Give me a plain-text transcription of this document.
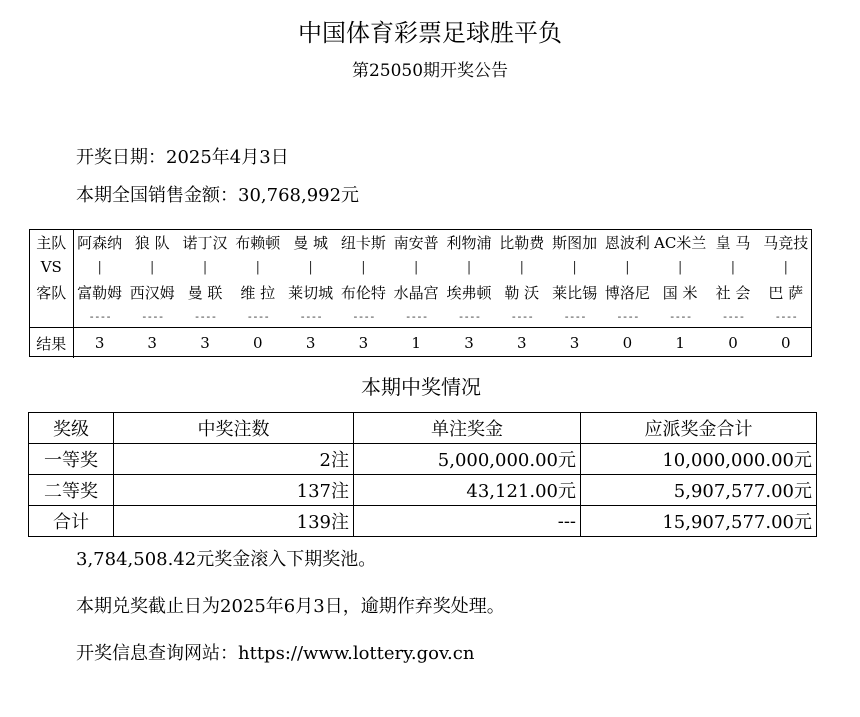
中国体育彩票足球胜平负
第25050期开奖公告
开奖日期：2025年4月3日
本期全国销售金额：30,768,992元
主队	阿森纳	狼 队	诺丁汉	布赖顿	曼 城	纽卡斯	南安普	利物浦	比勒费	斯图加	恩波利	AC米兰	皇 马	马竞技
VS	|	|	|	|	|	|	|	|	|	|	|	|	|	|
客队	富勒姆	西汉姆	曼 联	维 拉	莱切城	布伦特	水晶宫	埃弗顿	勒 沃	莱比锡	博洛尼	国 米	社 会	巴 萨
	----	----	----	----	----	----	----	----	----	----	----	----	----	----
结果	3	3	3	0	3	3	1	3	3	3	0	1	0	0
本期中奖情况
奖级	中奖注数	单注奖金	应派奖金合计
一等奖	2注	5,000,000.00元	10,000,000.00元
二等奖	137注	43,121.00元	5,907,577.00元
合计	139注	---	15,907,577.00元
3,784,508.42元奖金滚入下期奖池。
本期兑奖截止日为2025年6月3日，逾期作弃奖处理。
开奖信息查询网站：https://www.lottery.gov.cn
